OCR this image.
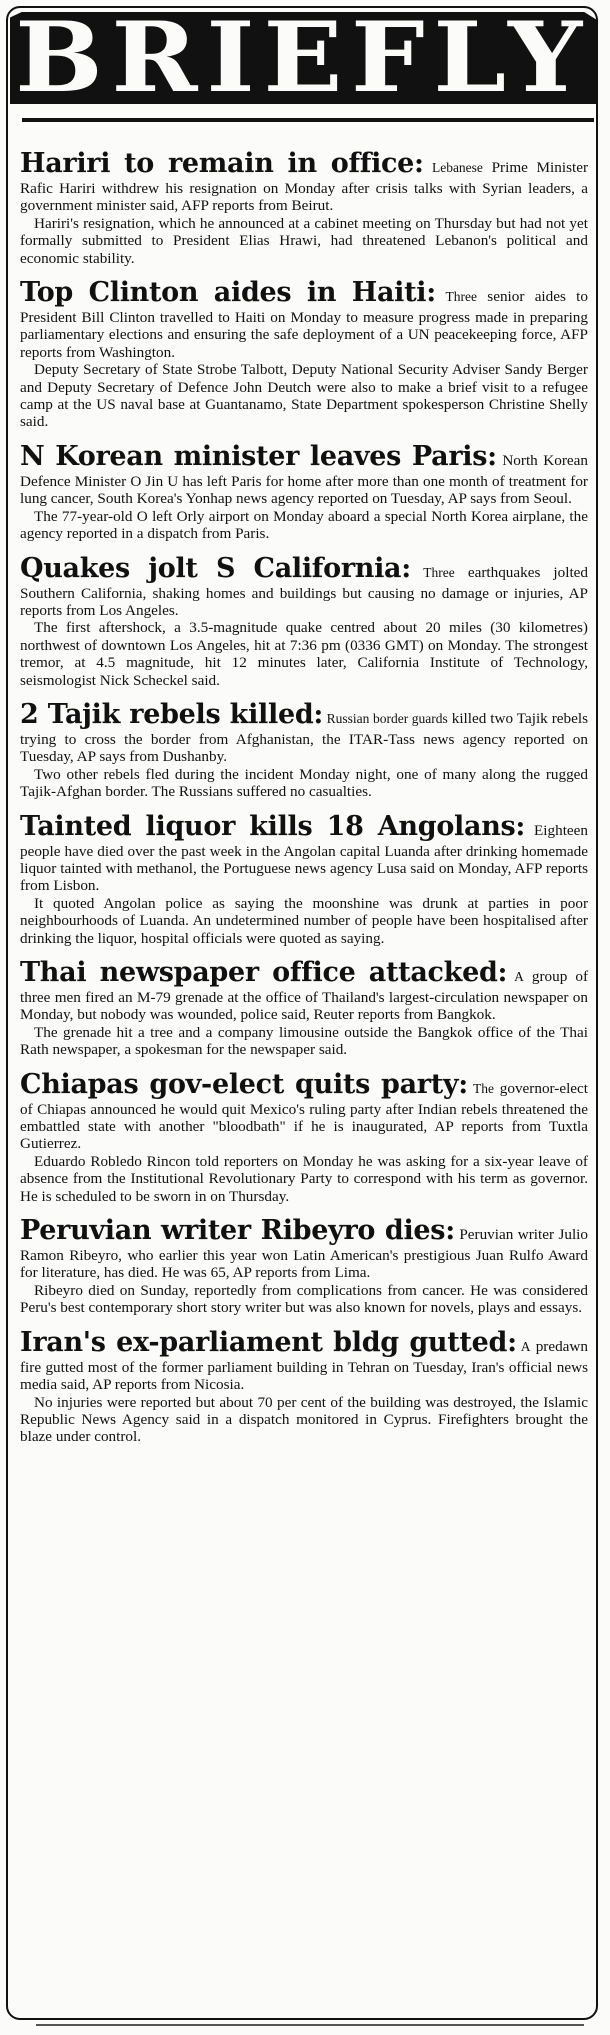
BRIEFLY

Hariri to remain in office: Lebanese Prime Minister Rafic Hariri withdrew his resignation on Monday after crisis talks with Syrian leaders, a government minister said, AFP reports from Beirut.

Hariri's resignation, which he announced at a cabinet meeting on Thursday but had not yet formally submitted to President Elias Hrawi, had threatened Lebanon's political and economic stability.

Top Clinton aides in Haiti: Three senior aides to President Bill Clinton travelled to Haiti on Monday to measure progress made in preparing parliamentary elections and ensuring the safe deployment of a UN peacekeeping force, AFP reports from Washington.

Deputy Secretary of State Strobe Talbott, Deputy National Security Adviser Sandy Berger and Deputy Secretary of Defence John Deutch were also to make a brief visit to a refugee camp at the US naval base at Guantanamo, State Department spokesperson Christine Shelly said.

N Korean minister leaves Paris: North Korean Defence Minister O Jin U has left Paris for home after more than one month of treatment for lung cancer, South Korea's Yonhap news agency reported on Tuesday, AP says from Seoul.

The 77-year-old O left Orly airport on Monday aboard a special North Korea airplane, the agency reported in a dispatch from Paris.

Quakes jolt S California: Three earthquakes jolted Southern California, shaking homes and buildings but causing no damage or injuries, AP reports from Los Angeles.

The first aftershock, a 3.5-magnitude quake centred about 20 miles (30 kilometres) northwest of downtown Los Angeles, hit at 7:36 pm (0336 GMT) on Monday. The strongest tremor, at 4.5 magnitude, hit 12 minutes later, California Institute of Technology, seismologist Nick Scheckel said.

2 Tajik rebels killed: Russian border guards killed two Tajik rebels trying to cross the border from Afghanistan, the ITAR-Tass news agency reported on Tuesday, AP says from Dushanby.

Two other rebels fled during the incident Monday night, one of many along the rugged Tajik-Afghan border. The Russians suffered no casualties.

Tainted liquor kills 18 Angolans: Eighteen people have died over the past week in the Angolan capital Luanda after drinking homemade liquor tainted with methanol, the Portuguese news agency Lusa said on Monday, AFP reports from Lisbon.

It quoted Angolan police as saying the moonshine was drunk at parties in poor neighbourhoods of Luanda. An undetermined number of people have been hospitalised after drinking the liquor, hospital officials were quoted as saying.

Thai newspaper office attacked: A group of three men fired an M-79 grenade at the office of Thailand's largest-circulation newspaper on Monday, but nobody was wounded, police said, Reuter reports from Bangkok.

The grenade hit a tree and a company limousine outside the Bangkok office of the Thai Rath newspaper, a spokesman for the newspaper said.

Chiapas gov-elect quits party: The governor-elect of Chiapas announced he would quit Mexico's ruling party after Indian rebels threatened the embattled state with another "bloodbath" if he is inaugurated, AP reports from Tuxtla Gutierrez.

Eduardo Robledo Rincon told reporters on Monday he was asking for a six-year leave of absence from the Institutional Revolutionary Party to correspond with his term as governor. He is scheduled to be sworn in on Thursday.

Peruvian writer Ribeyro dies: Peruvian writer Julio Ramon Ribeyro, who earlier this year won Latin American's prestigious Juan Rulfo Award for literature, has died. He was 65, AP reports from Lima.

Ribeyro died on Sunday, reportedly from complications from cancer. He was considered Peru's best contemporary short story writer but was also known for novels, plays and essays.

Iran's ex-parliament bldg gutted: A predawn fire gutted most of the former parliament building in Tehran on Tuesday, Iran's official news media said, AP reports from Nicosia.

No injuries were reported but about 70 per cent of the building was destroyed, the Islamic Republic News Agency said in a dispatch monitored in Cyprus. Firefighters brought the blaze under control.
